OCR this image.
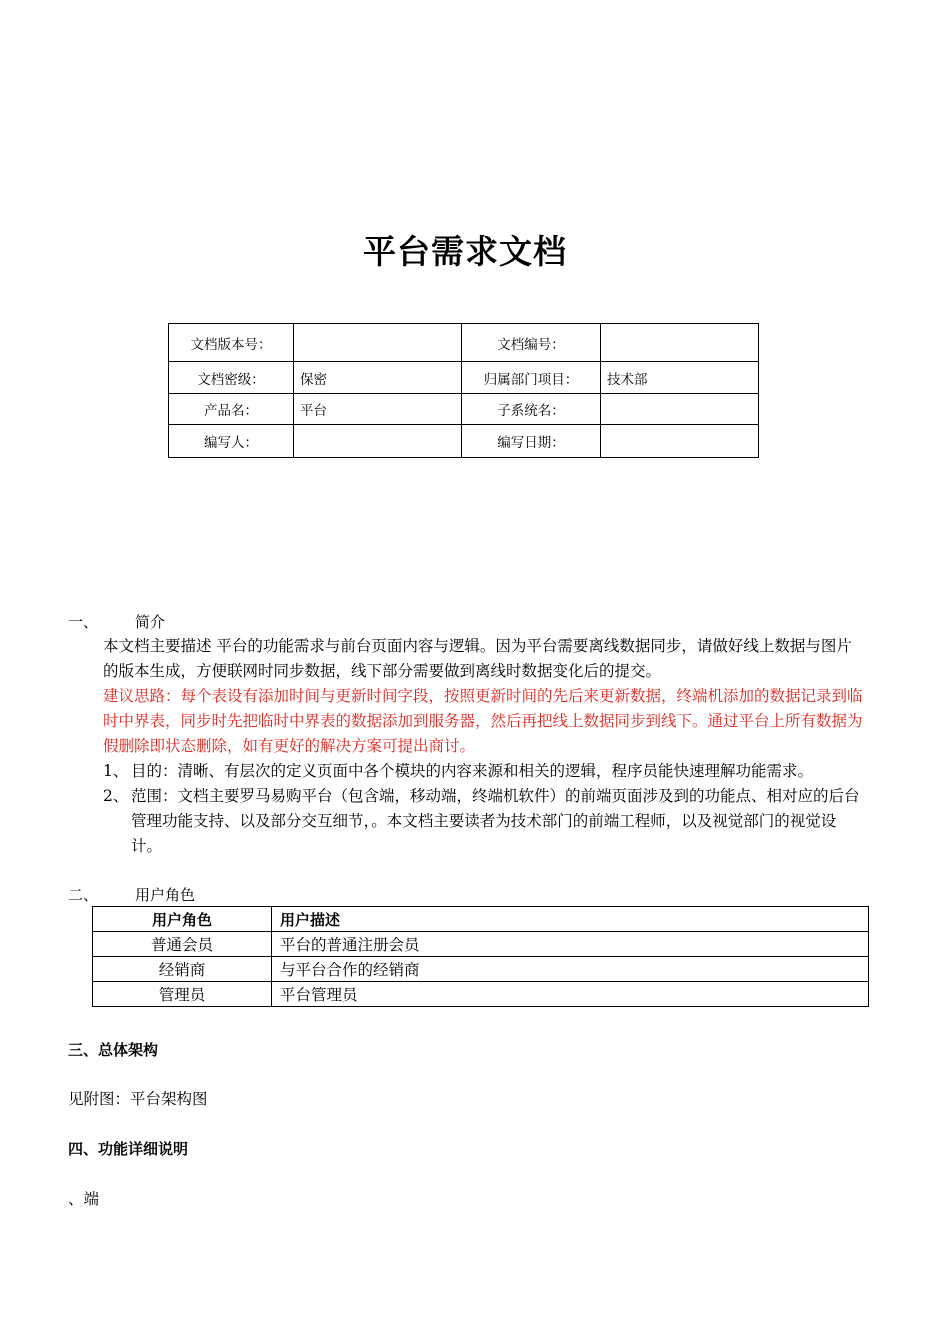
平台需求文档
文档版本号：		文档编号：	
文档密级：	保密	归属部门项目：	技术部
产品名：	平台	子系统名：	
编写人：		编写日期：	
一、 简介
本文档主要描述 平台的功能需求与前台页面内容与逻辑。因为平台需要离线数据同步，请做好线上数据与图片的版本生成，方便联网时同步数据，线下部分需要做到离线时数据变化后的提交。
建议思路：每个表设有添加时间与更新时间字段，按照更新时间的先后来更新数据，终端机添加的数据记录到临时中界表，同步时先把临时中界表的数据添加到服务器，然后再把线上数据同步到线下。通过平台上所有数据为假删除即状态删除，如有更好的解决方案可提出商讨。
1、 目的：清晰、有层次的定义页面中各个模块的内容来源和相关的逻辑，程序员能快速理解功能需求。
2、 范围：文档主要罗马易购平台（包含端，移动端，终端机软件）的前端页面涉及到的功能点、相对应的后台管理功能支持、以及部分交互细节，。本文档主要读者为技术部门的前端工程师，以及视觉部门的视觉设计。
二、 用户角色
用户角色	用户描述
普通会员	平台的普通注册会员
经销商	与平台合作的经销商
管理员	平台管理员
三、总体架构
见附图：平台架构图
四、功能详细说明
、端
